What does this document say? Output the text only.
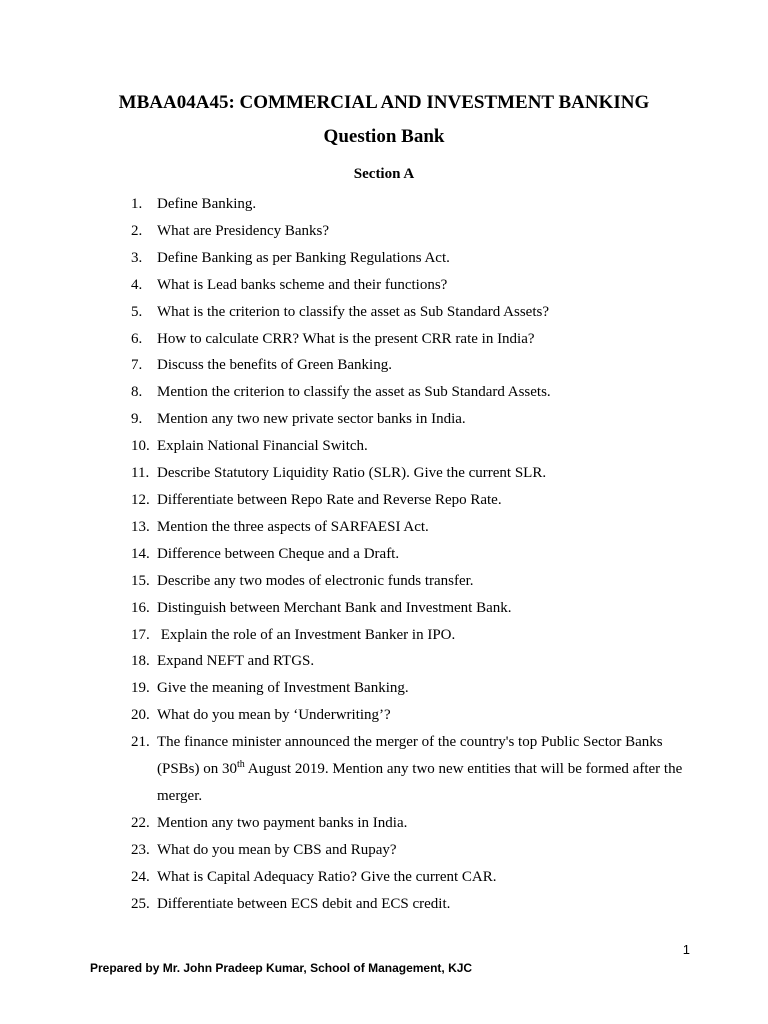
MBAA04A45: COMMERCIAL AND INVESTMENT BANKING
Question Bank
Section A
1. Define Banking.
2. What are Presidency Banks?
3. Define Banking as per Banking Regulations Act.
4. What is Lead banks scheme and their functions?
5. What is the criterion to classify the asset as Sub Standard Assets?
6. How to calculate CRR? What is the present CRR rate in India?
7. Discuss the benefits of Green Banking.
8. Mention the criterion to classify the asset as Sub Standard Assets.
9. Mention any two new private sector banks in India.
10. Explain National Financial Switch.
11. Describe Statutory Liquidity Ratio (SLR). Give the current SLR.
12. Differentiate between Repo Rate and Reverse Repo Rate.
13. Mention the three aspects of SARFAESI Act.
14. Difference between Cheque and a Draft.
15. Describe any two modes of electronic funds transfer.
16. Distinguish between Merchant Bank and Investment Bank.
17. Explain the role of an Investment Banker in IPO.
18. Expand NEFT and RTGS.
19. Give the meaning of Investment Banking.
20. What do you mean by ‘Underwriting’?
21. The finance minister announced the merger of the country's top Public Sector Banks (PSBs) on 30th August 2019. Mention any two new entities that will be formed after the merger.
22. Mention any two payment banks in India.
23. What do you mean by CBS and Rupay?
24. What is Capital Adequacy Ratio? Give the current CAR.
25. Differentiate between ECS debit and ECS credit.
1
Prepared by Mr. John Pradeep Kumar, School of Management, KJC
